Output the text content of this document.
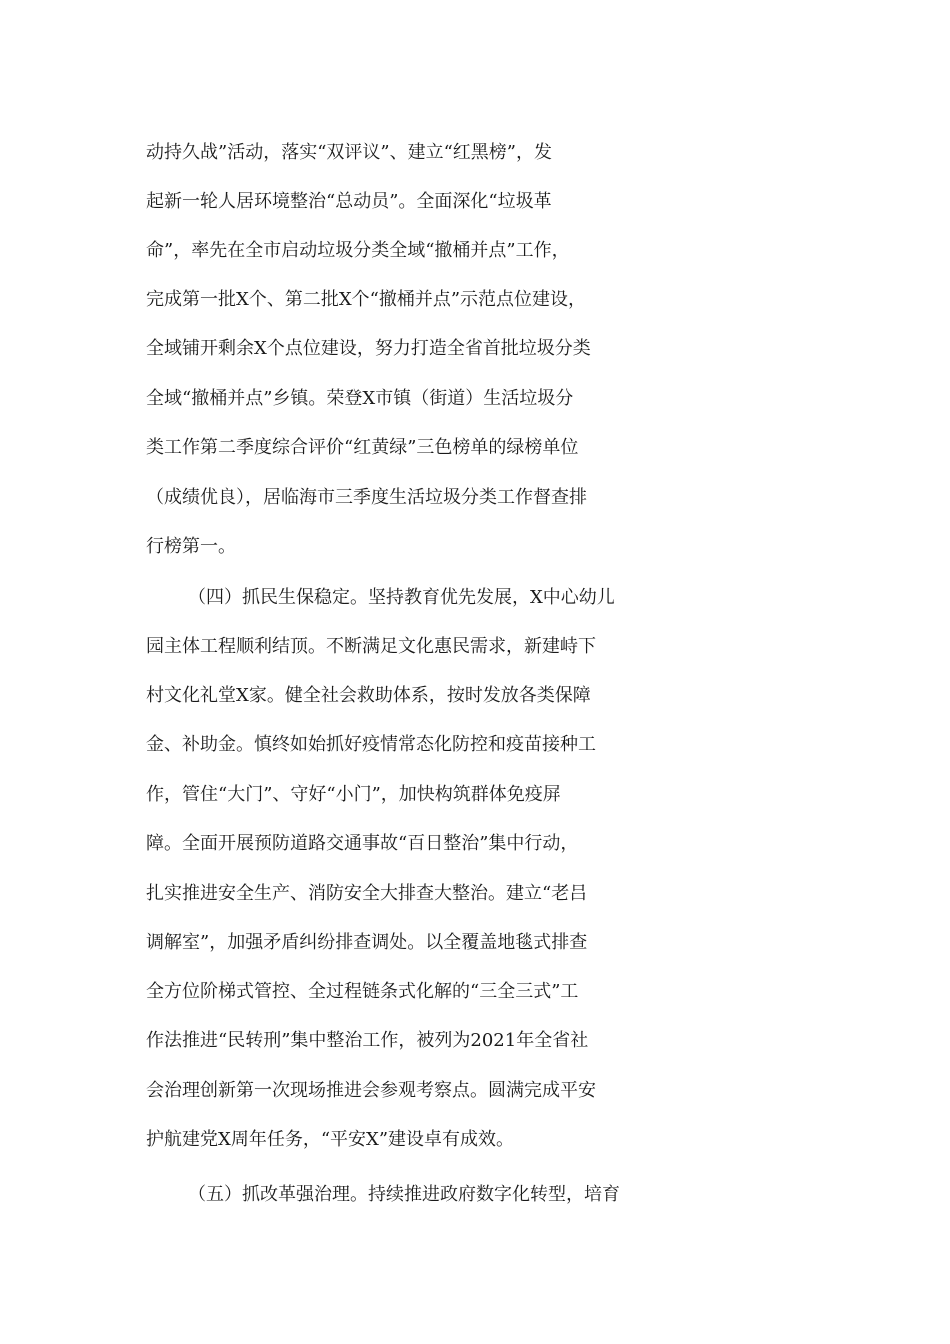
动持久战”活动，落实“双评议”、建立“红黑榜”，发
起新一轮人居环境整治“总动员”。全面深化“垃圾革
命”，率先在全市启动垃圾分类全域“撤桶并点”工作，
完成第一批X个、第二批X个“撤桶并点”示范点位建设，
全域铺开剩余X个点位建设，努力打造全省首批垃圾分类
全域“撤桶并点”乡镇。荣登X市镇（街道）生活垃圾分
类工作第二季度综合评价“红黄绿”三色榜单的绿榜单位
（成绩优良），居临海市三季度生活垃圾分类工作督查排
行榜第一。
（四）抓民生保稳定。坚持教育优先发展，X中心幼儿
园主体工程顺利结顶。不断满足文化惠民需求，新建峙下
村文化礼堂X家。健全社会救助体系，按时发放各类保障
金、补助金。慎终如始抓好疫情常态化防控和疫苗接种工
作，管住“大门”、守好“小门”，加快构筑群体免疫屏
障。全面开展预防道路交通事故“百日整治”集中行动，
扎实推进安全生产、消防安全大排查大整治。建立“老吕
调解室”，加强矛盾纠纷排查调处。以全覆盖地毯式排查
全方位阶梯式管控、全过程链条式化解的“三全三式”工
作法推进“民转刑”集中整治工作，被列为2021年全省社
会治理创新第一次现场推进会参观考察点。圆满完成平安
护航建党X周年任务，“平安X”建设卓有成效。
（五）抓改革强治理。持续推进政府数字化转型，培育
